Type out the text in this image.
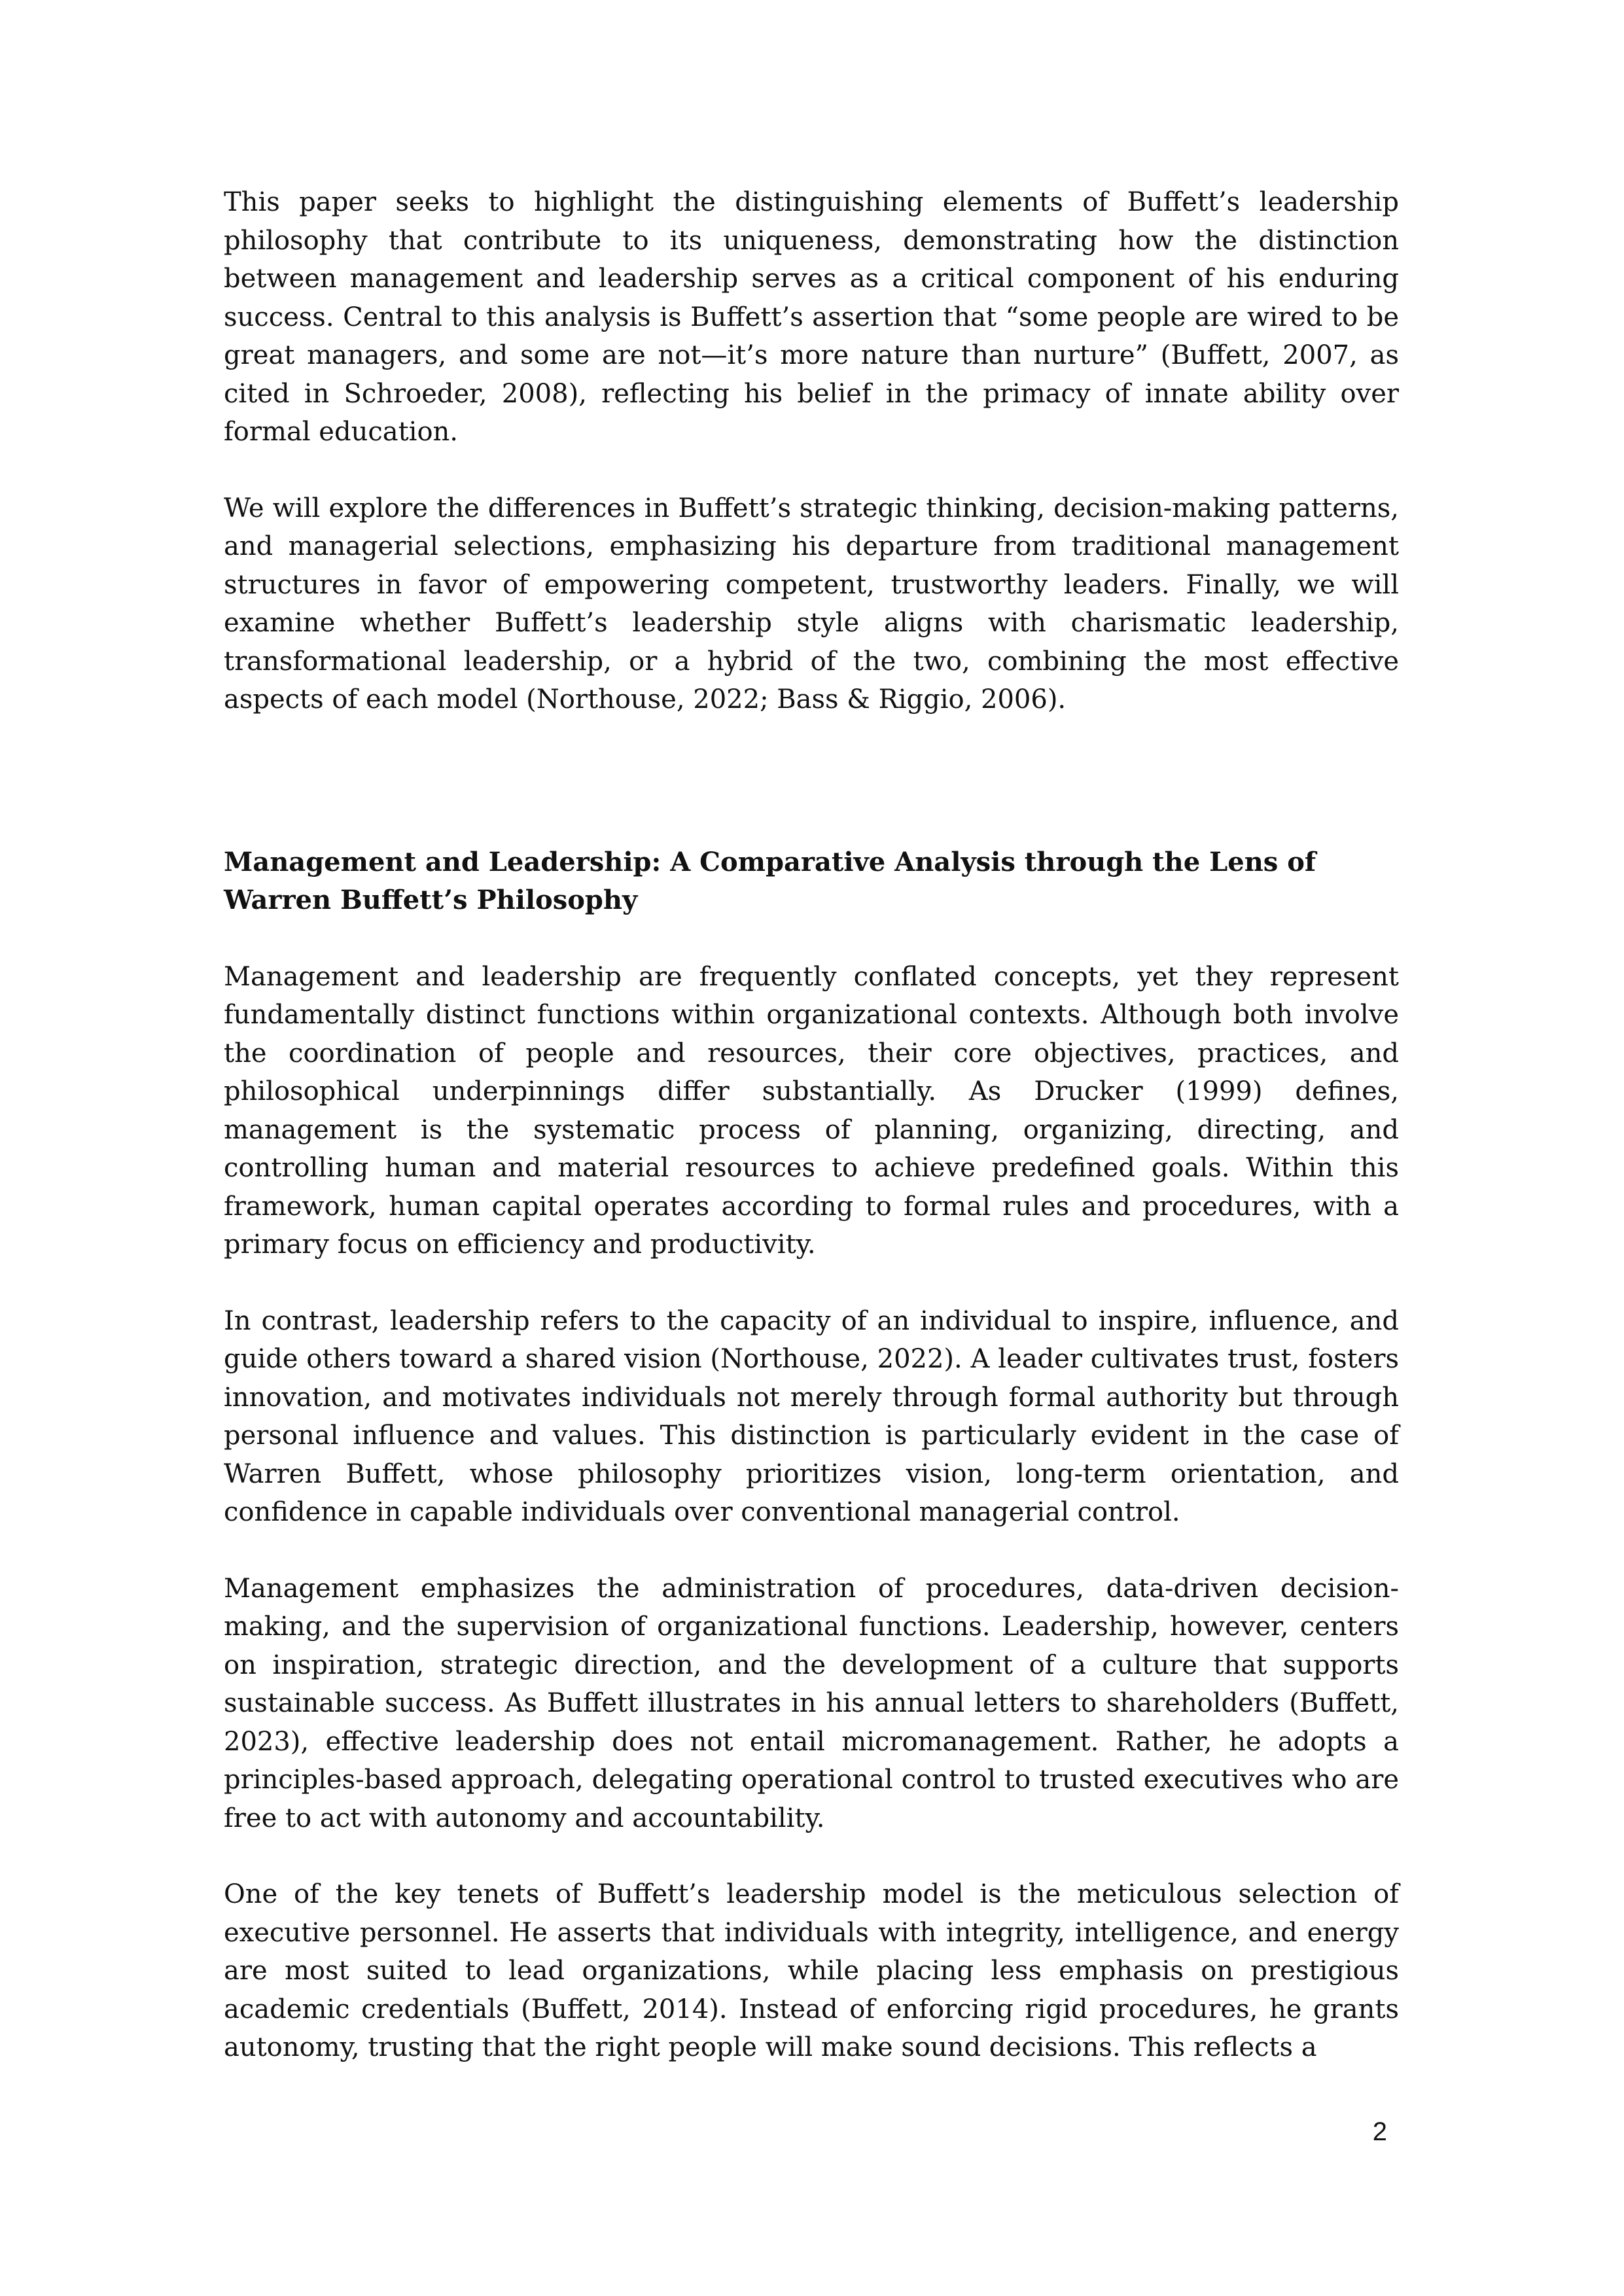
This paper seeks to highlight the distinguishing elements of Buffett’s leadership philosophy that contribute to its uniqueness, demonstrating how the distinction between management and leadership serves as a critical component of his enduring success. Central to this analysis is Buffett’s assertion that “some people are wired to be great managers, and some are not—it’s more nature than nurture” (Buffett, 2007, as cited in Schroeder, 2008), reflecting his belief in the primacy of innate ability over formal education.

We will explore the differences in Buffett’s strategic thinking, decision-making patterns, and managerial selections, emphasizing his departure from traditional management structures in favor of empowering competent, trustworthy leaders. Finally, we will examine whether Buffett’s leadership style aligns with charismatic leadership, transformational leadership, or a hybrid of the two, combining the most effective aspects of each model (Northouse, 2022; Bass & Riggio, 2006).

Management and Leadership: A Comparative Analysis through the Lens of Warren Buffett’s Philosophy

Management and leadership are frequently conflated concepts, yet they represent fundamentally distinct functions within organizational contexts. Although both involve the coordination of people and resources, their core objectives, practices, and philosophical underpinnings differ substantially. As Drucker (1999) defines, management is the systematic process of planning, organizing, directing, and controlling human and material resources to achieve predefined goals. Within this framework, human capital operates according to formal rules and procedures, with a primary focus on efficiency and productivity.

In contrast, leadership refers to the capacity of an individual to inspire, influence, and guide others toward a shared vision (Northouse, 2022). A leader cultivates trust, fosters innovation, and motivates individuals not merely through formal authority but through personal influence and values. This distinction is particularly evident in the case of Warren Buffett, whose philosophy prioritizes vision, long-term orientation, and confidence in capable individuals over conventional managerial control.

Management emphasizes the administration of procedures, data-driven decision-making, and the supervision of organizational functions. Leadership, however, centers on inspiration, strategic direction, and the development of a culture that supports sustainable success. As Buffett illustrates in his annual letters to shareholders (Buffett, 2023), effective leadership does not entail micromanagement. Rather, he adopts a principles-based approach, delegating operational control to trusted executives who are free to act with autonomy and accountability.

One of the key tenets of Buffett’s leadership model is the meticulous selection of executive personnel. He asserts that individuals with integrity, intelligence, and energy are most suited to lead organizations, while placing less emphasis on prestigious academic credentials (Buffett, 2014). Instead of enforcing rigid procedures, he grants autonomy, trusting that the right people will make sound decisions. This reflects a

2
